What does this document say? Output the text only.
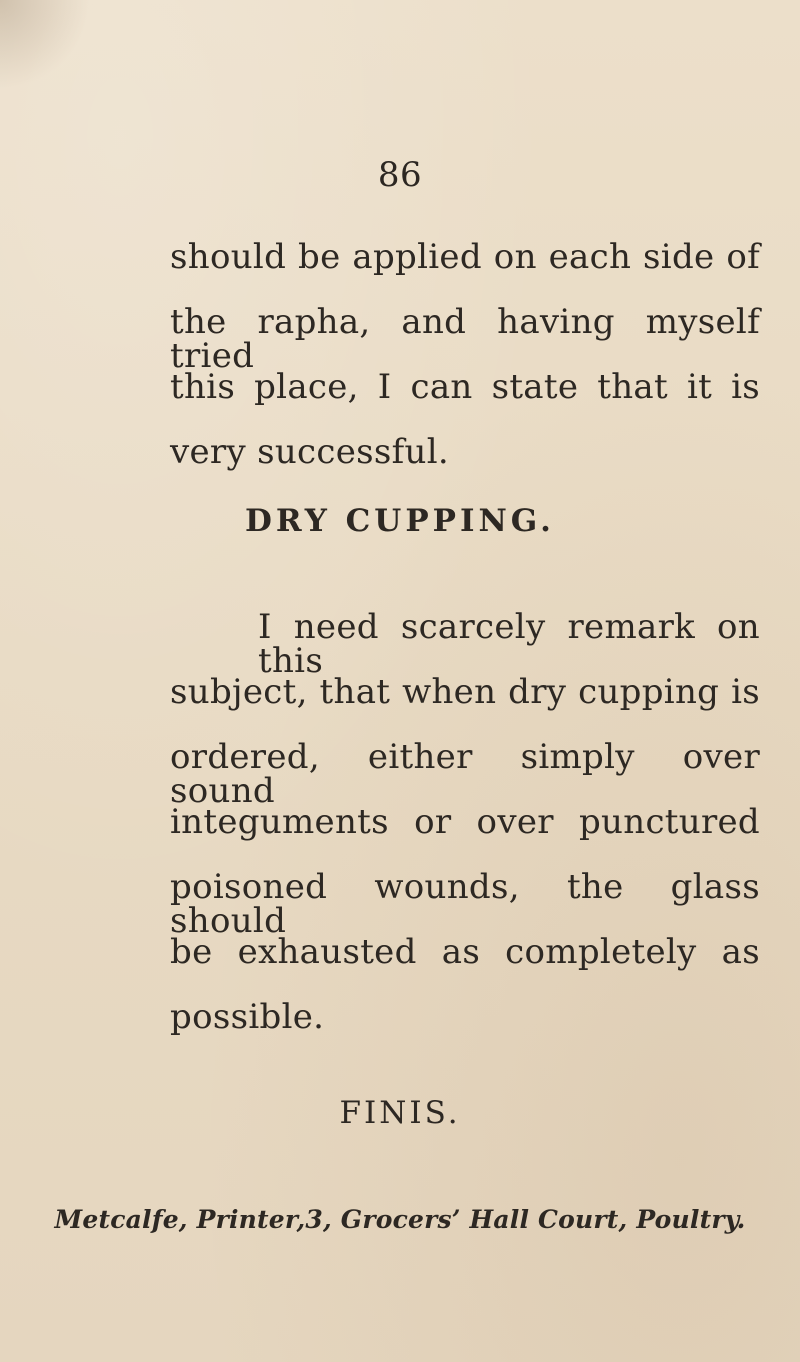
86
should be applied on each side of
the rapha, and having myself tried
this place, I can state that it is
very successful.
DRY CUPPING.
I need scarcely remark on this
subject, that when dry cupping is
ordered, either simply over sound
integuments or over punctured
poisoned wounds, the glass should
be exhausted as completely as
possible.
FINIS.
Metcalfe, Printer,3, Grocers’ Hall Court, Poultry.
